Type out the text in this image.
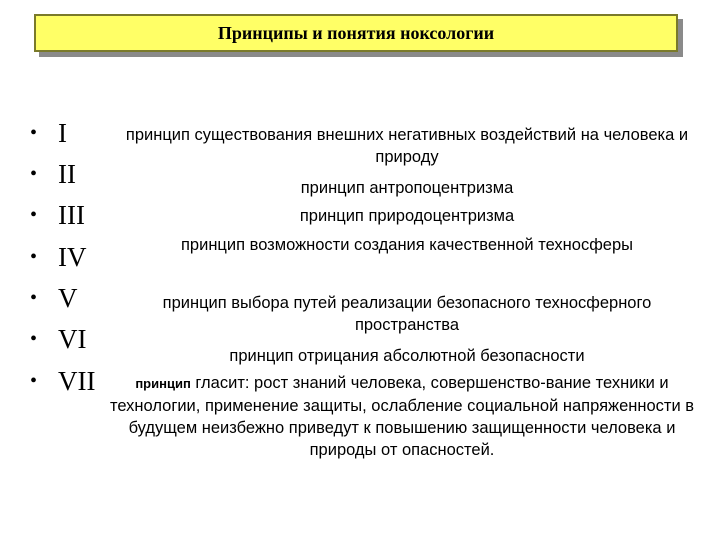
Принципы и понятия ноксологии
• I
• II
• III
• IV
• V
• VI
• VII
принцип существования внешних негативных воздействий на человека и природу
принцип антропоцентризма
принцип природоцентризма
принцип возможности создания качественной техносферы
принцип выбора путей реализации безопасного техносферного пространства
принцип отрицания абсолютной безопасности
принцип гласит: рост знаний человека, совершенство-вание техники и технологии, применение защиты, ослабление социальной напряженности в будущем неизбежно приведут к повышению защищенности человека и природы от опасностей.
